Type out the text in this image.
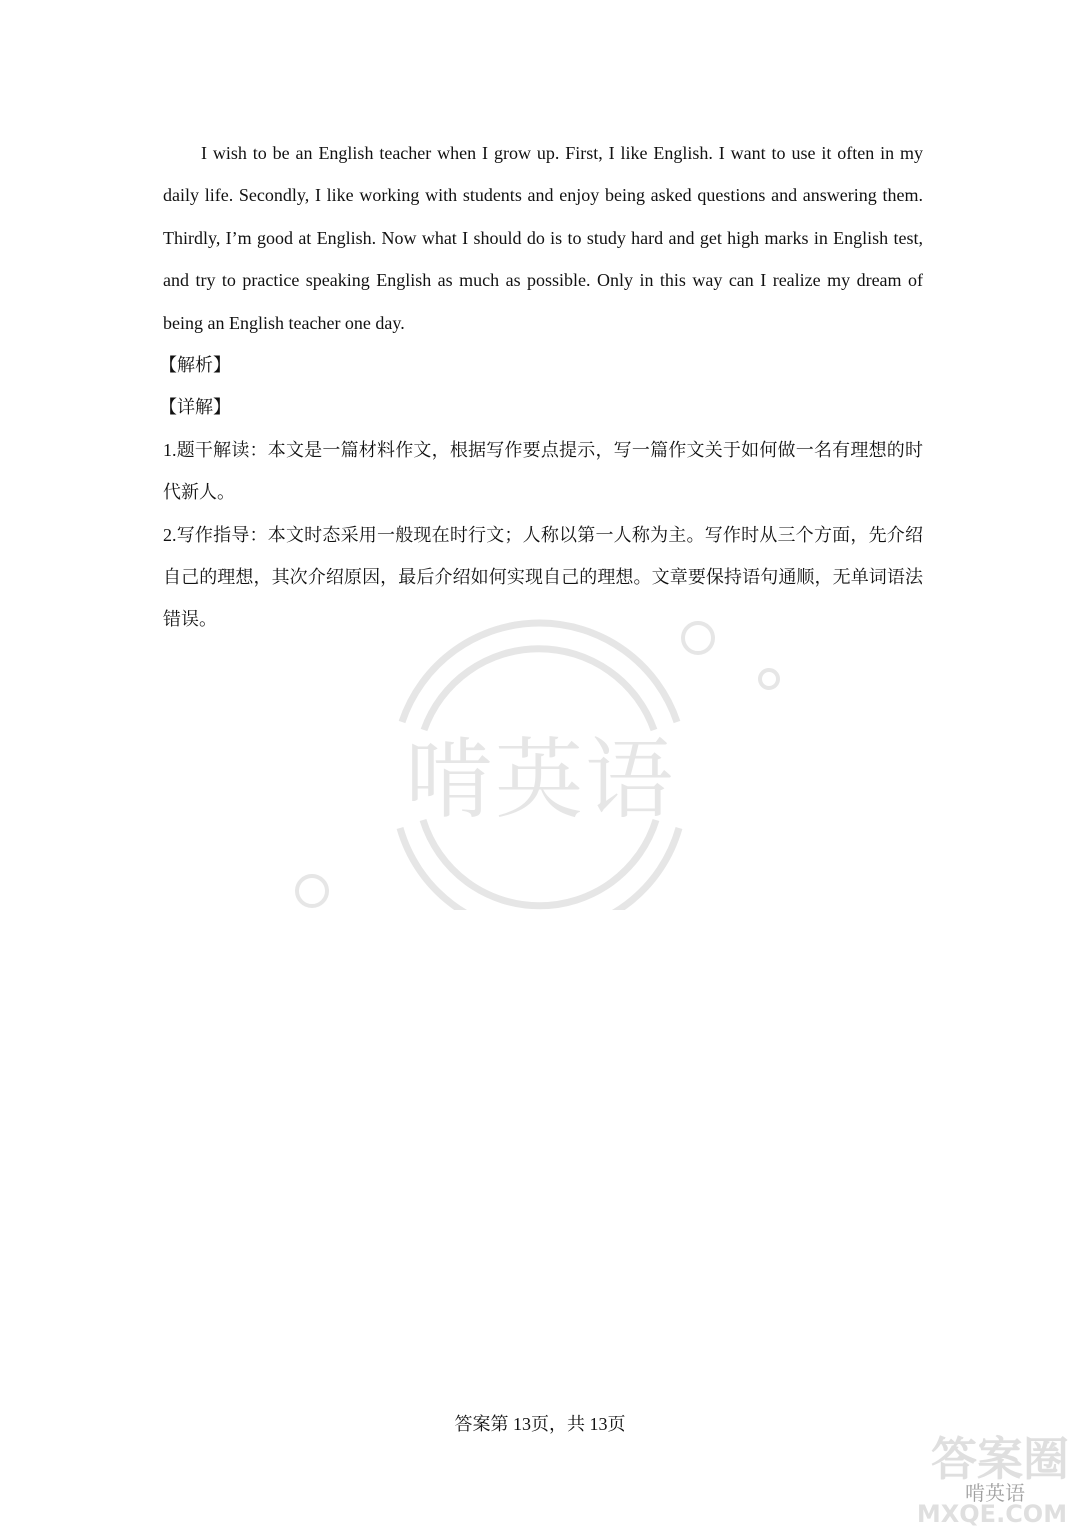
I wish to be an English teacher when I grow up. First, I like English. I want to use it often in my daily life. Secondly, I like working with students and enjoy being asked questions and answering them. Thirdly, I’m good at English. Now what I should do is to study hard and get high marks in English test, and try to practice speaking English as much as possible. Only in this way can I realize my dream of being an English teacher one day.

【解析】

【详解】

1.题干解读：本文是一篇材料作文，根据写作要点提示，写一篇作文关于如何做一名有理想的时代新人。

2.写作指导：本文时态采用一般现在时行文；人称以第一人称为主。写作时从三个方面，先介绍自己的理想，其次介绍原因，最后介绍如何实现自己的理想。文章要保持语句通顺，无单词语法错误。

啃英语
答案第 13页，共 13页
答案圈
啃英语
MXQE.COM
